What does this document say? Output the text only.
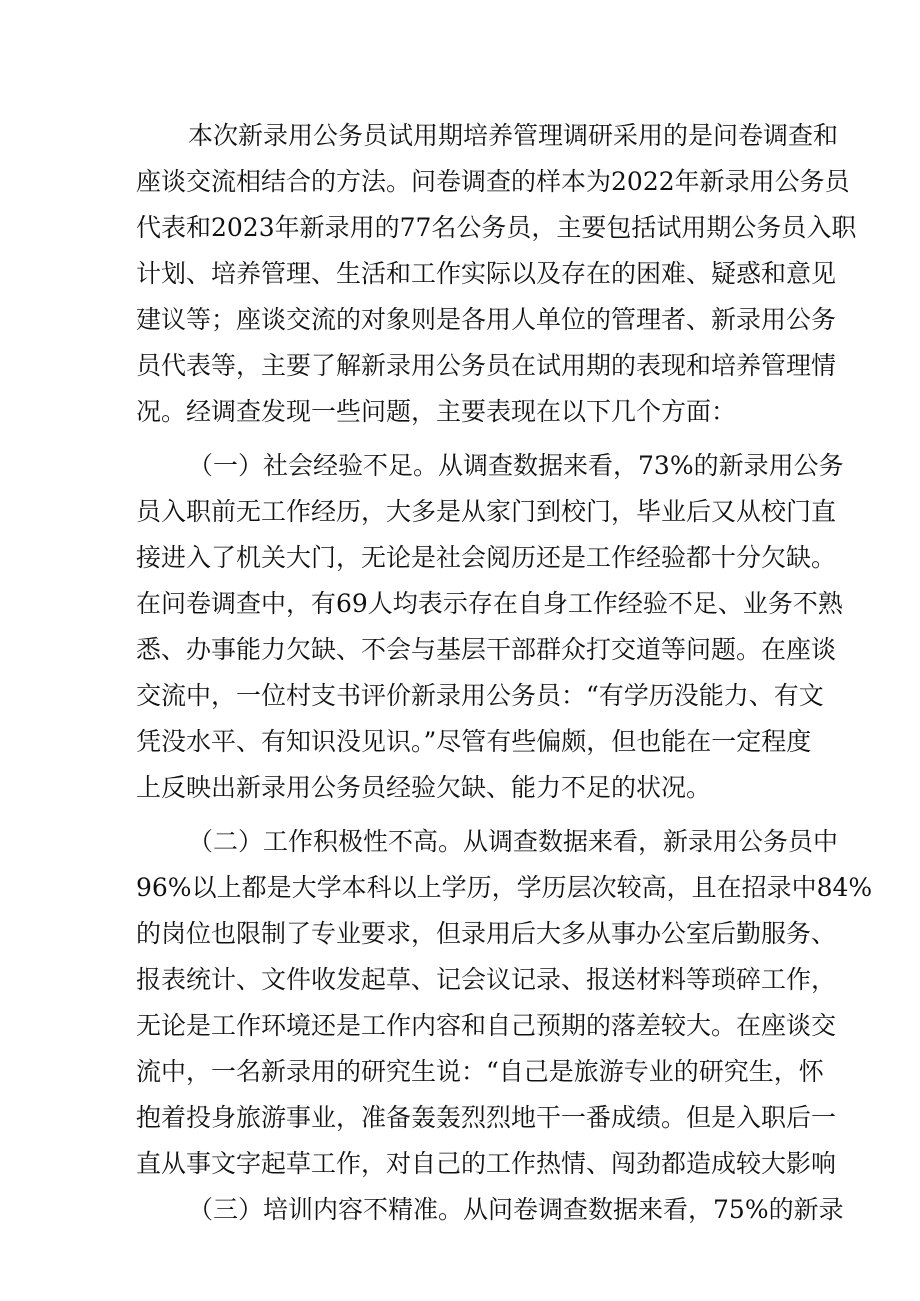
本次新录用公务员试用期培养管理调研采用的是问卷调查和
座谈交流相结合的方法。问卷调查的样本为2022年新录用公务员
代表和2023年新录用的77名公务员，主要包括试用期公务员入职
计划、培养管理、生活和工作实际以及存在的困难、疑惑和意见
建议等；座谈交流的对象则是各用人单位的管理者、新录用公务
员代表等，主要了解新录用公务员在试用期的表现和培养管理情
况。经调查发现一些问题，主要表现在以下几个方面：
（一）社会经验不足。从调查数据来看，73%的新录用公务
员入职前无工作经历，大多是从家门到校门，毕业后又从校门直
接进入了机关大门，无论是社会阅历还是工作经验都十分欠缺。
在问卷调查中，有69人均表示存在自身工作经验不足、业务不熟
悉、办事能力欠缺、不会与基层干部群众打交道等问题。在座谈
交流中，一位村支书评价新录用公务员：“有学历没能力、有文
凭没水平、有知识没见识。”尽管有些偏颇，但也能在一定程度
上反映出新录用公务员经验欠缺、能力不足的状况。
（二）工作积极性不高。从调查数据来看，新录用公务员中
96%以上都是大学本科以上学历，学历层次较高，且在招录中84%
的岗位也限制了专业要求，但录用后大多从事办公室后勤服务、
报表统计、文件收发起草、记会议记录、报送材料等琐碎工作，
无论是工作环境还是工作内容和自己预期的落差较大。在座谈交
流中，一名新录用的研究生说：“自己是旅游专业的研究生，怀
抱着投身旅游事业，准备轰轰烈烈地干一番成绩。但是入职后一
直从事文字起草工作，对自己的工作热情、闯劲都造成较大影响
（三）培训内容不精准。从问卷调查数据来看，75%的新录
